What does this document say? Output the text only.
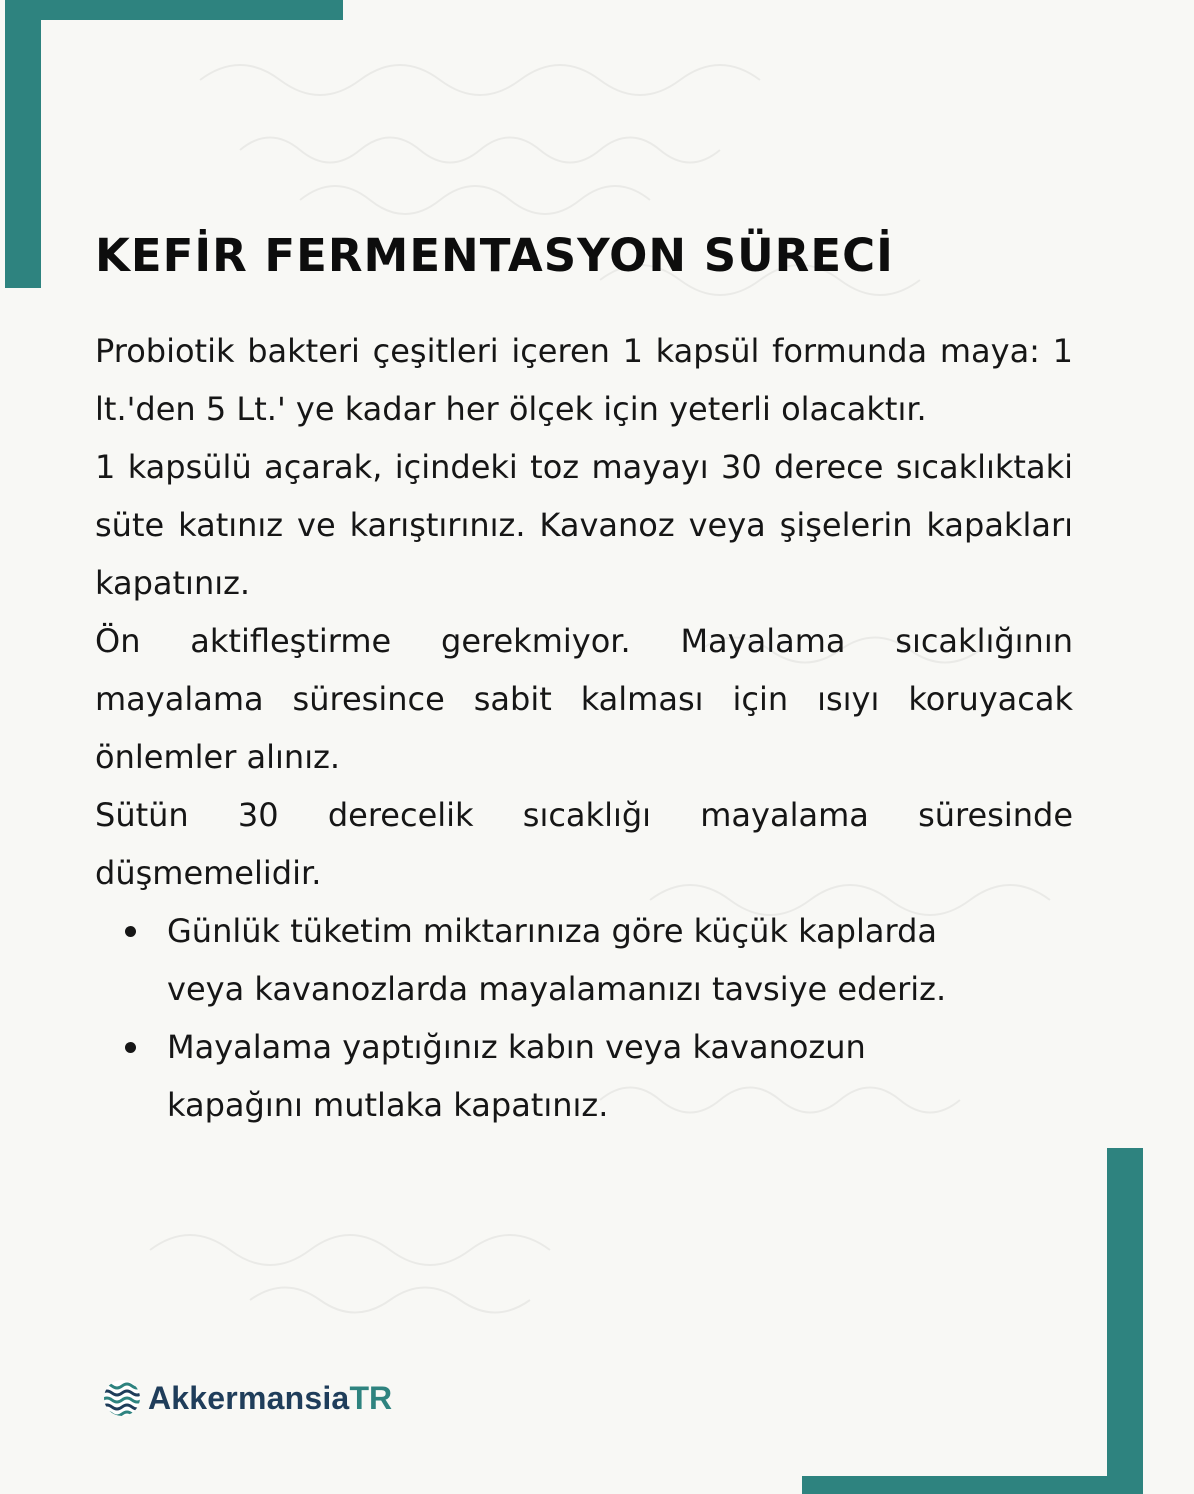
KEFİR FERMENTASYON SÜRECİ

Probiotik bakteri çeşitleri içeren 1 kapsül formunda maya: 1 lt.'den 5 Lt.' ye kadar her ölçek için yeterli olacaktır.

1 kapsülü açarak, içindeki toz mayayı 30 derece sıcaklıktaki süte katınız ve karıştırınız. Kavanoz veya şişelerin kapakları kapatınız.

Ön aktifleştirme gerekmiyor. Mayalama sıcaklığının mayalama süresince sabit kalması için ısıyı koruyacak önlemler alınız.

Sütün 30 derecelik sıcaklığı mayalama süresinde düşmemelidir.

Günlük tüketim miktarınıza göre küçük kaplarda veya kavanozlarda mayalamanızı tavsiye ederiz.
Mayalama yaptığınız kabın veya kavanozun kapağını mutlaka kapatınız.
Akkermansia TR
